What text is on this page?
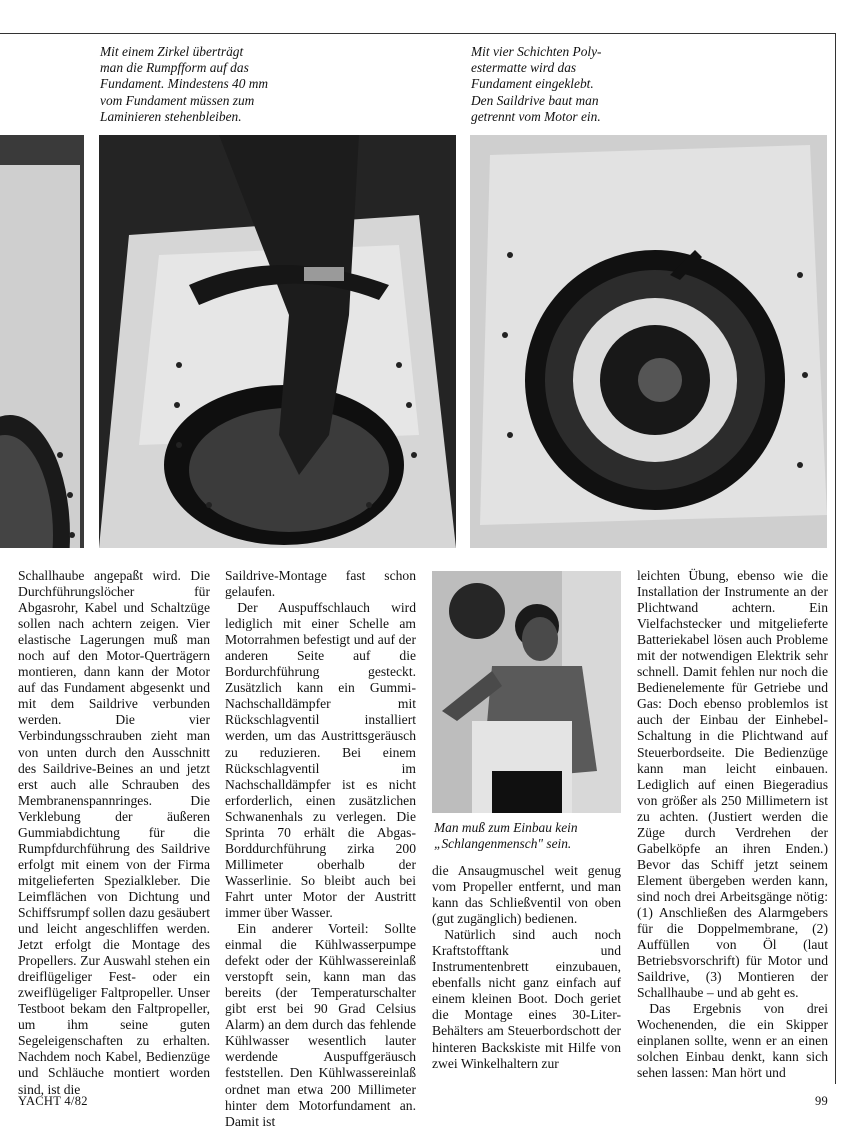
Mit einem Zirkel überträgt
man die Rumpfform auf das
Fundament. Mindestens 40 mm
vom Fundament müssen zum
Laminieren stehenbleiben.

Mit vier Schichten Poly-
estermatte wird das
Fundament eingeklebt.
Den Saildrive baut man
getrennt vom Motor ein.

Man muß zum Einbau kein
„Schlangenmensch" sein.

Schallhaube angepaßt wird. Die Durchführungslöcher für Abgasrohr, Kabel und Schaltzüge sollen nach achtern zeigen. Vier elastische Lagerungen muß man noch auf den Motor-Querträgern montieren, dann kann der Motor auf das Fundament abgesenkt und mit dem Saildrive verbunden werden. Die vier Verbindungsschrauben zieht man von unten durch den Ausschnitt des Saildrive-Beines an und jetzt erst auch alle Schrauben des Membranenspannringes. Die Verklebung der äußeren Gummiabdichtung für die Rumpfdurchführung des Saildrive erfolgt mit einem von der Firma mitgelieferten Spezialkleber. Die Leimflächen von Dichtung und Schiffsrumpf sollen dazu gesäubert und leicht angeschliffen werden. Jetzt erfolgt die Montage des Propellers. Zur Auswahl stehen ein dreiflügeliger Fest- oder ein zweiflügeliger Faltpropeller. Unser Testboot bekam den Faltpropeller, um ihm seine guten Segeleigenschaften zu erhalten. Nachdem noch Kabel, Bedienzüge und Schläuche montiert worden sind, ist die

Saildrive-Montage fast schon gelaufen.

Der Auspuffschlauch wird lediglich mit einer Schelle am Motorrahmen befestigt und auf der anderen Seite auf die Bordurchführung gesteckt. Zusätzlich kann ein Gummi-Nachschalldämpfer mit Rückschlagventil installiert werden, um das Austrittsgeräusch zu reduzieren. Bei einem Rückschlagventil im Nachschalldämpfer ist es nicht erforderlich, einen zusätzlichen Schwanenhals zu verlegen. Die Sprinta 70 erhält die Abgas-Borddurchführung zirka 200 Millimeter oberhalb der Wasserlinie. So bleibt auch bei Fahrt unter Motor der Austritt immer über Wasser.

Ein anderer Vorteil: Sollte einmal die Kühlwasserpumpe defekt oder der Kühlwassereinlaß verstopft sein, kann man das bereits (der Temperaturschalter gibt erst bei 90 Grad Celsius Alarm) an dem durch das fehlende Kühlwasser wesentlich lauter werdende Auspuffgeräusch feststellen. Den Kühlwassereinlaß ordnet man etwa 200 Millimeter hinter dem Motorfundament an. Damit ist

die Ansaugmuschel weit genug vom Propeller entfernt, und man kann das Schließventil von oben (gut zugänglich) bedienen.

Natürlich sind auch noch Kraftstofftank und Instrumentenbrett einzubauen, ebenfalls nicht ganz einfach auf einem kleinen Boot. Doch geriet die Montage eines 30-Liter-Behälters am Steuerbordschott der hinteren Backskiste mit Hilfe von zwei Winkelhaltern zur

leichten Übung, ebenso wie die Installation der Instrumente an der Plichtwand achtern. Ein Vielfachstecker und mitgelieferte Batteriekabel lösen auch Probleme mit der notwendigen Elektrik sehr schnell. Damit fehlen nur noch die Bedienelemente für Getriebe und Gas: Doch ebenso problemlos ist auch der Einbau der Einhebel-Schaltung in die Plichtwand auf Steuerbordseite. Die Bedienzüge kann man leicht einbauen. Lediglich auf einen Biegeradius von größer als 250 Millimetern ist zu achten. (Justiert werden die Züge durch Verdrehen der Gabelköpfe an ihren Enden.) Bevor das Schiff jetzt seinem Element übergeben werden kann, sind noch drei Arbeitsgänge nötig: (1) Anschließen des Alarmgebers für die Doppelmembrane, (2) Auffüllen von Öl (laut Betriebsvorschrift) für Motor und Saildrive, (3) Montieren der Schallhaube – und ab geht es.

Das Ergebnis von drei Wochenenden, die ein Skipper einplanen sollte, wenn er an einen solchen Einbau denkt, kann sich sehen lassen: Man hört und

YACHT 4/82	99
